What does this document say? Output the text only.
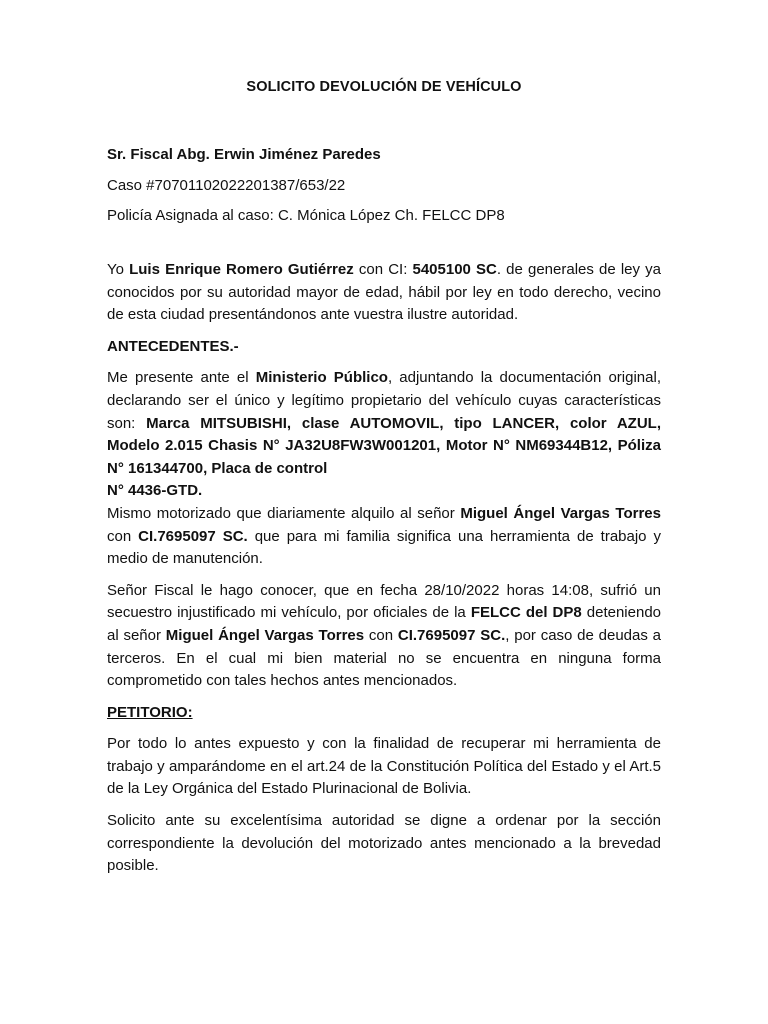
SOLICITO DEVOLUCIÓN DE VEHÍCULO
Sr. Fiscal Abg. Erwin Jiménez Paredes
Caso #70701102022201387/653/22
Policía Asignada al caso: C. Mónica López Ch. FELCC DP8

Yo Luis Enrique Romero Gutiérrez con CI: 5405100 SC. de generales de ley ya conocidos por su autoridad mayor de edad, hábil por ley en todo derecho, vecino de esta ciudad presentándonos ante vuestra ilustre autoridad.

ANTECEDENTES.-

Me presente ante el Ministerio Público, adjuntando la documentación original, declarando ser el único y legítimo propietario del vehículo cuyas características son: Marca MITSUBISHI, clase AUTOMOVIL, tipo LANCER, color AZUL, Modelo 2.015 Chasis N° JA32U8FW3W001201, Motor N° NM69344B12, Póliza N° 161344700, Placa de control
N° 4436-GTD.

Mismo motorizado que diariamente alquilo al señor Miguel Ángel Vargas Torres con CI.7695097 SC. que para mi familia significa una herramienta de trabajo y medio de manutención.

Señor Fiscal le hago conocer, que en fecha 28/10/2022 horas 14:08, sufrió un secuestro injustificado mi vehículo, por oficiales de la FELCC del DP8 deteniendo al señor Miguel Ángel Vargas Torres con CI.7695097 SC., por caso de deudas a terceros. En el cual mi bien material no se encuentra en ninguna forma comprometido con tales hechos antes mencionados.

PETITORIO:

Por todo lo antes expuesto y con la finalidad de recuperar mi herramienta de trabajo y amparándome en el art.24 de la Constitución Política del Estado y el Art.5 de la Ley Orgánica del Estado Plurinacional de Bolivia.

Solicito ante su excelentísima autoridad se digne a ordenar por la sección correspondiente la devolución del motorizado antes mencionado a la brevedad posible.
